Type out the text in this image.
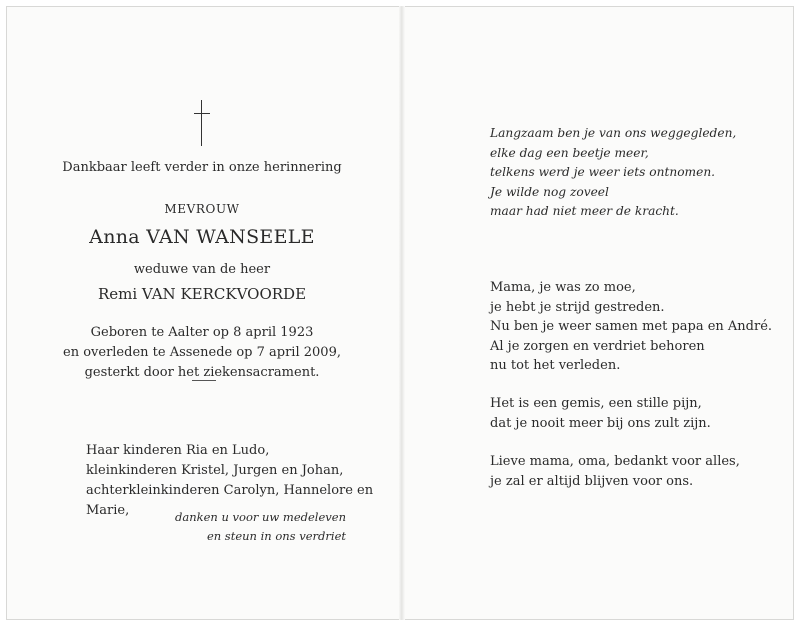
Dankbaar leeft verder in onze herinnering
MEVROUW
Anna VAN WANSEELE
weduwe van de heer
Remi VAN KERCKVOORDE
Geboren te Aalter op 8 april 1923
en overleden te Assenede op 7 april 2009,
gesterkt door het ziekensacrament.
Haar kinderen Ria en Ludo,
kleinkinderen Kristel, Jurgen en Johan,
achterkleinkinderen Carolyn, Hannelore en Marie,	danken u voor uw medeleven
en steun in ons verdriet
Langzaam ben je van ons weggegleden,
elke dag een beetje meer,
telkens werd je weer iets ontnomen.
Je wilde nog zoveel
maar had niet meer de kracht.
Mama, je was zo moe,
je hebt je strijd gestreden.
Nu ben je weer samen met papa en André.
Al je zorgen en verdriet behoren
nu tot het verleden.
Het is een gemis, een stille pijn,
dat je nooit meer bij ons zult zijn.
Lieve mama, oma, bedankt voor alles,
je zal er altijd blijven voor ons.
